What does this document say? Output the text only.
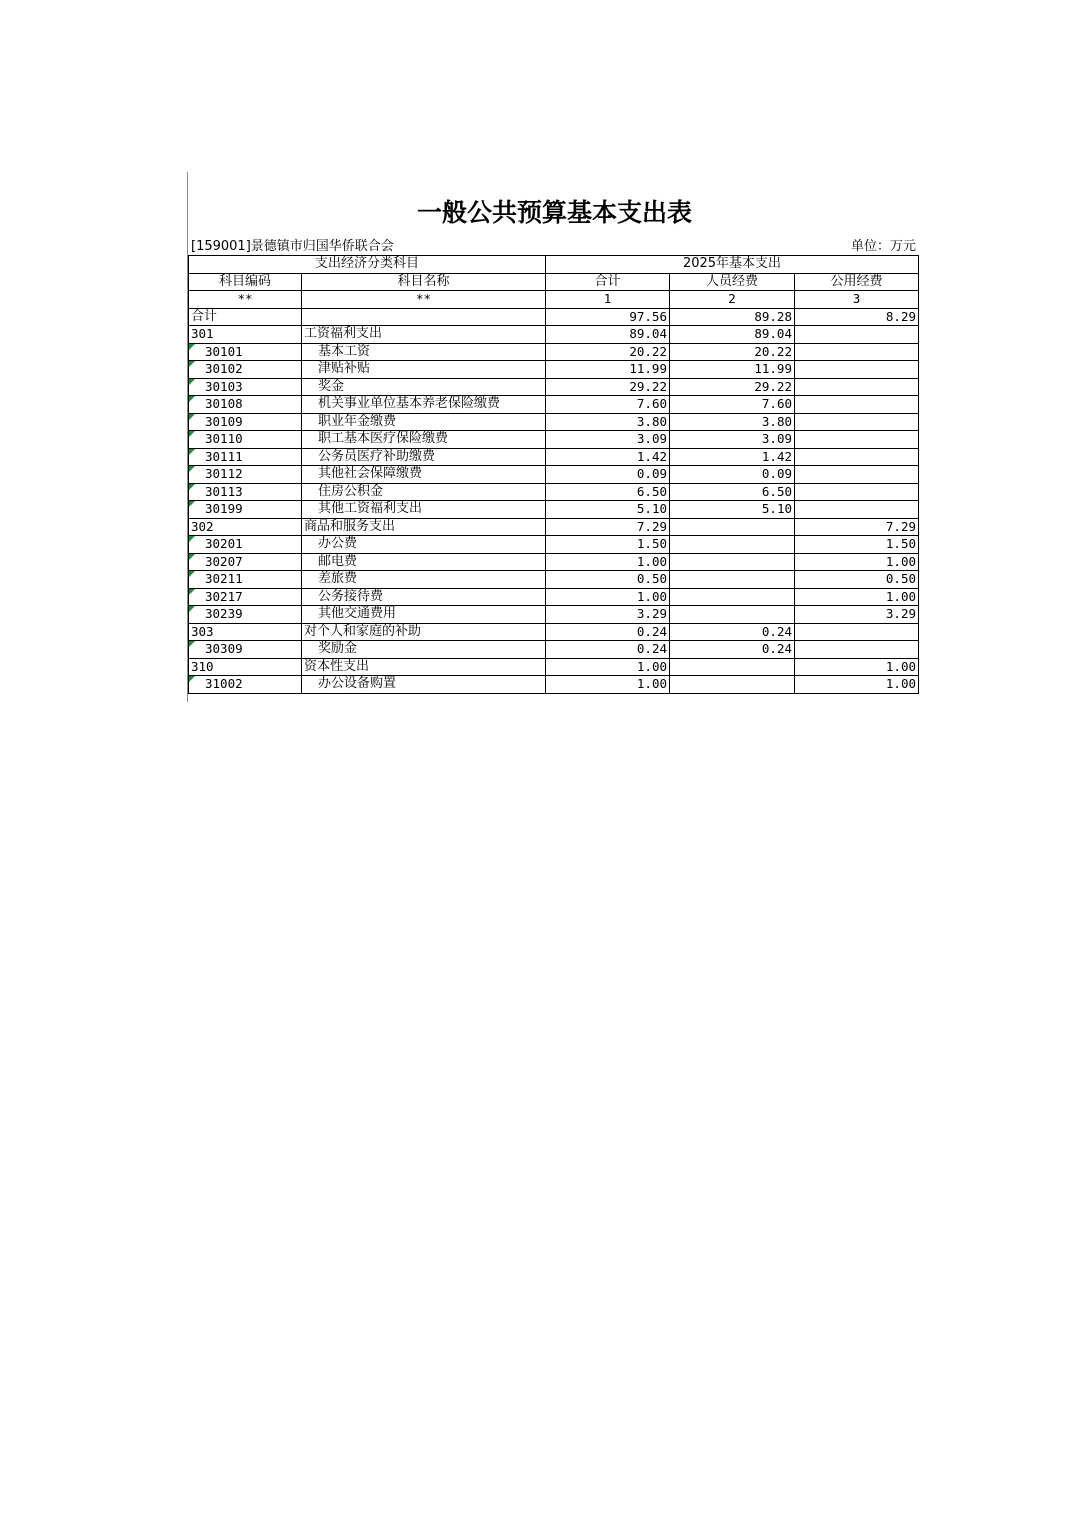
一般公共预算基本支出表
[159001]景德镇市归国华侨联合会	单位：万元
支出经济分类科目		2025年基本支出		
科目编码	科目名称	合计	人员经费	公用经费
**	**	1	2	3
合计		97.56	89.28	8.29
301	工资福利支出	89.04	89.04	
30101	基本工资	20.22	20.22	
30102	津贴补贴	11.99	11.99	
30103	奖金	29.22	29.22	
30108	机关事业单位基本养老保险缴费	7.60	7.60	
30109	职业年金缴费	3.80	3.80	
30110	职工基本医疗保险缴费	3.09	3.09	
30111	公务员医疗补助缴费	1.42	1.42	
30112	其他社会保障缴费	0.09	0.09	
30113	住房公积金	6.50	6.50	
30199	其他工资福利支出	5.10	5.10	
302	商品和服务支出	7.29		7.29
30201	办公费	1.50		1.50
30207	邮电费	1.00		1.00
30211	差旅费	0.50		0.50
30217	公务接待费	1.00		1.00
30239	其他交通费用	3.29		3.29
303	对个人和家庭的补助	0.24	0.24	
30309	奖励金	0.24	0.24	
310	资本性支出	1.00		1.00
31002	办公设备购置	1.00		1.00
